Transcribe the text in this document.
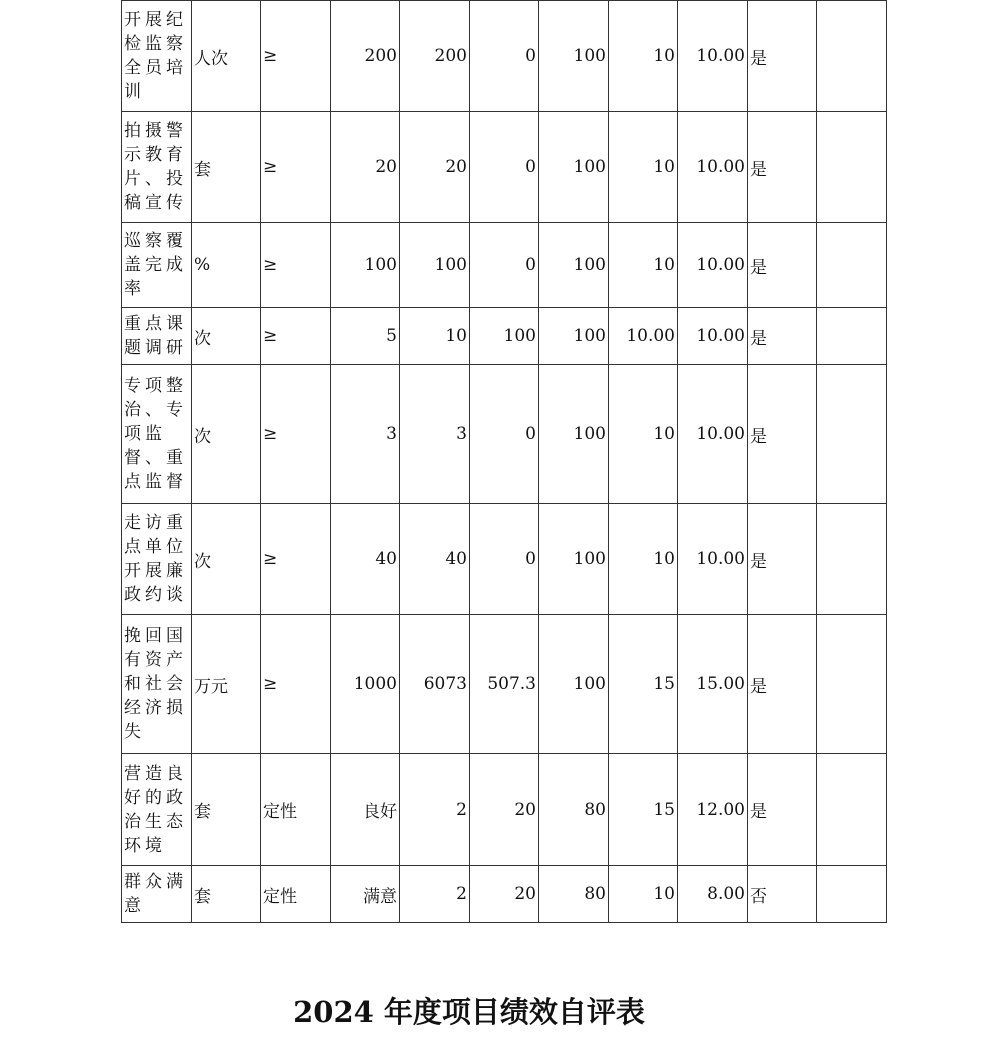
开展纪检监察全员培训	人次	≥	200	200	0	100	10	10.00	是	
拍摄警示教育片、投稿宣传	套	≥	20	20	0	100	10	10.00	是	
巡察覆盖完成率	%	≥	100	100	0	100	10	10.00	是	
重点课题调研	次	≥	5	10	100	100	10.00	10.00	是	
专项整治、专项监督、重点监督	次	≥	3	3	0	100	10	10.00	是	
走访重点单位开展廉政约谈	次	≥	40	40	0	100	10	10.00	是	
挽回国有资产和社会经济损失	万元	≥	1000	6073	507.3	100	15	15.00	是	
营造良好的政治生态环境	套	定性	良好	2	20	80	15	12.00	是	
群众满意	套	定性	满意	2	20	80	10	8.00	否	
2024 年度项目绩效自评表
